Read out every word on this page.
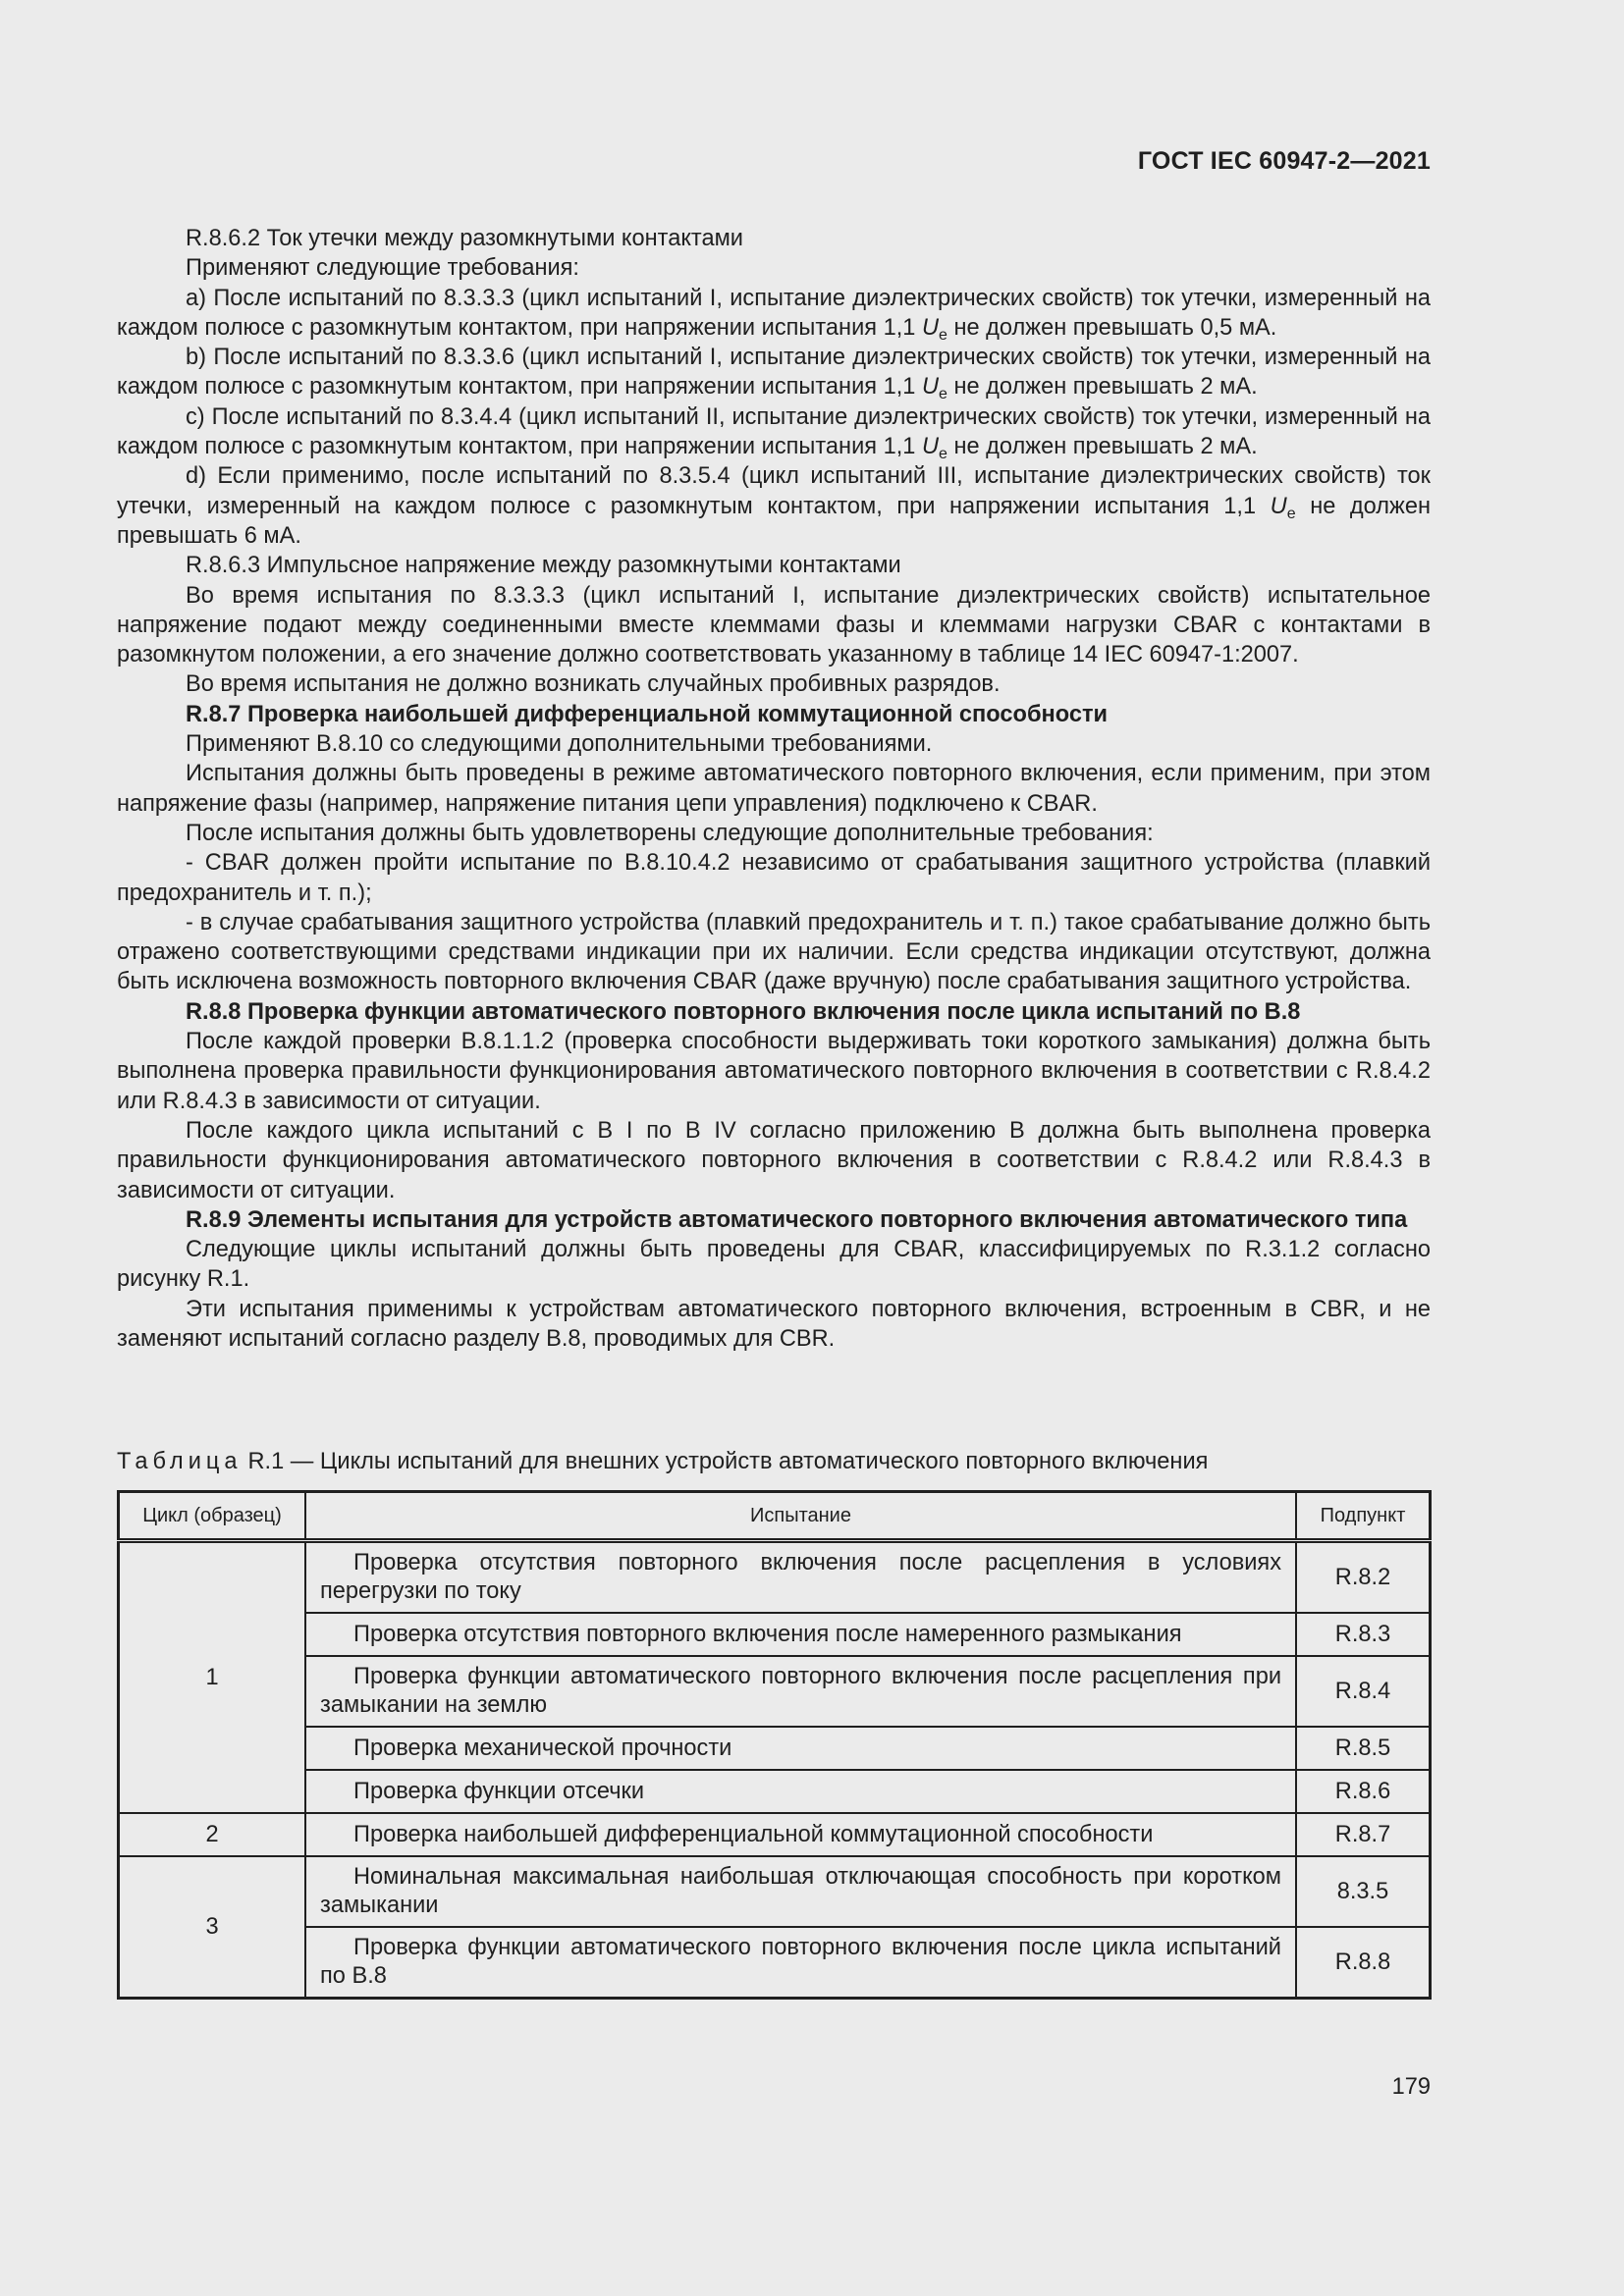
ГОСТ IEC 60947-2—2021

R.8.6.2 Ток утечки между разомкнутыми контактами

Применяют следующие требования:

a) После испытаний по 8.3.3.3 (цикл испытаний I, испытание диэлектрических свойств) ток утечки, измеренный на каждом полюсе с разомкнутым контактом, при напряжении испытания 1,1 $U_e$ не должен превышать 0,5 мА.

b) После испытаний по 8.3.3.6 (цикл испытаний I, испытание диэлектрических свойств) ток утечки, измеренный на каждом полюсе с разомкнутым контактом, при напряжении испытания 1,1 $U_e$ не должен превышать 2 мА.

c) После испытаний по 8.3.4.4 (цикл испытаний II, испытание диэлектрических свойств) ток утечки, измеренный на каждом полюсе с разомкнутым контактом, при напряжении испытания 1,1 $U_e$ не должен превышать 2 мА.

d) Если применимо, после испытаний по 8.3.5.4 (цикл испытаний III, испытание диэлектрических свойств) ток утечки, измеренный на каждом полюсе с разомкнутым контактом, при напряжении испытания 1,1 $U_e$ не должен превышать 6 мА.

R.8.6.3 Импульсное напряжение между разомкнутыми контактами

Во время испытания по 8.3.3.3 (цикл испытаний I, испытание диэлектрических свойств) испытательное напряжение подают между соединенными вместе клеммами фазы и клеммами нагрузки CBAR с контактами в разомкнутом положении, а его значение должно соответствовать указанному в таблице 14 IEC 60947-1:2007.

Во время испытания не должно возникать случайных пробивных разрядов.

R.8.7 Проверка наибольшей дифференциальной коммутационной способности

Применяют B.8.10 со следующими дополнительными требованиями.

Испытания должны быть проведены в режиме автоматического повторного включения, если применим, при этом напряжение фазы (например, напряжение питания цепи управления) подключено к CBAR.

После испытания должны быть удовлетворены следующие дополнительные требования:

- CBAR должен пройти испытание по B.8.10.4.2 независимо от срабатывания защитного устройства (плавкий предохранитель и т. п.);

- в случае срабатывания защитного устройства (плавкий предохранитель и т. п.) такое срабатывание должно быть отражено соответствующими средствами индикации при их наличии. Если средства индикации отсутствуют, должна быть исключена возможность повторного включения CBAR (даже вручную) после срабатывания защитного устройства.

R.8.8 Проверка функции автоматического повторного включения после цикла испытаний по B.8

После каждой проверки B.8.1.1.2 (проверка способности выдерживать токи короткого замыкания) должна быть выполнена проверка правильности функционирования автоматического повторного включения в соответствии с R.8.4.2 или R.8.4.3 в зависимости от ситуации.

После каждого цикла испытаний с B I по B IV согласно приложению B должна быть выполнена проверка правильности функционирования автоматического повторного включения в соответствии с R.8.4.2 или R.8.4.3 в зависимости от ситуации.

R.8.9 Элементы испытания для устройств автоматического повторного включения автоматического типа

Следующие циклы испытаний должны быть проведены для CBAR, классифицируемых по R.3.1.2 согласно рисунку R.1.

Эти испытания применимы к устройствам автоматического повторного включения, встроенным в CBR, и не заменяют испытаний согласно разделу B.8, проводимых для CBR.

Таблица R.1 — Циклы испытаний для внешних устройств автоматического повторного включения
Цикл (образец)	Испытание	Подпункт
1	Проверка отсутствия повторного включения после расцепления в условиях перегрузки по току	R.8.2
	Проверка отсутствия повторного включения после намеренного размыкания	R.8.3
	Проверка функции автоматического повторного включения после расцепления при замыкании на землю	R.8.4
	Проверка механической прочности	R.8.5
	Проверка функции отсечки	R.8.6
2	Проверка наибольшей дифференциальной коммутационной способности	R.8.7
3	Номинальная максимальная наибольшая отключающая способность при коротком замыкании	8.3.5
	Проверка функции автоматического повторного включения после цикла испытаний по B.8	R.8.8
179
